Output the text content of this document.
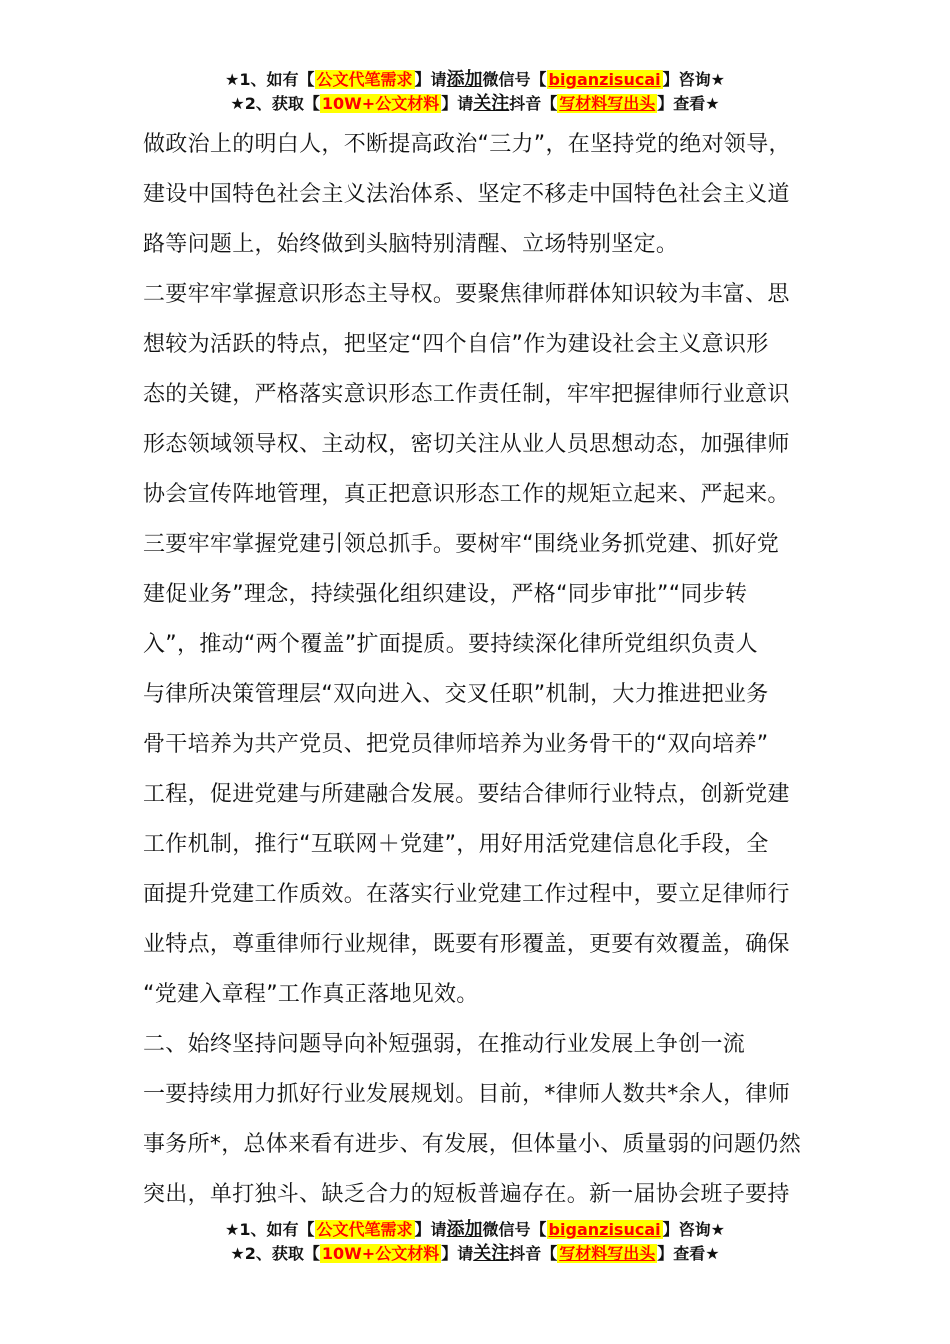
★1、如有【 公文代笔需求 】请添加微信号【 biganzisucai 】咨询★
★2、获取【 10W+公文材料 】请关注抖音【 写材料写出头 】查看★

做政治上的明白人，不断提高政治“三力”，在坚持党的绝对领导，

建设中国特色社会主义法治体系、坚定不移走中国特色社会主义道

路等问题上，始终做到头脑特别清醒、立场特别坚定。

二要牢牢掌握意识形态主导权。要聚焦律师群体知识较为丰富、思

想较为活跃的特点，把坚定“四个自信”作为建设社会主义意识形

态的关键，严格落实意识形态工作责任制，牢牢把握律师行业意识

形态领域领导权、主动权，密切关注从业人员思想动态，加强律师

协会宣传阵地管理，真正把意识形态工作的规矩立起来、严起来。

三要牢牢掌握党建引领总抓手。要树牢“围绕业务抓党建、抓好党

建促业务”理念，持续强化组织建设，严格“同步审批”“同步转

入”，推动“两个覆盖”扩面提质。要持续深化律所党组织负责人

与律所决策管理层“双向进入、交叉任职”机制，大力推进把业务

骨干培养为共产党员、把党员律师培养为业务骨干的“双向培养”

工程，促进党建与所建融合发展。要结合律师行业特点，创新党建

工作机制，推行“互联网＋党建”，用好用活党建信息化手段，全

面提升党建工作质效。在落实行业党建工作过程中，要立足律师行

业特点，尊重律师行业规律，既要有形覆盖，更要有效覆盖，确保

“党建入章程”工作真正落地见效。

二、始终坚持问题导向补短强弱，在推动行业发展上争创一流

一要持续用力抓好行业发展规划。目前，*律师人数共*余人，律师

事务所*，总体来看有进步、有发展，但体量小、质量弱的问题仍然

突出，单打独斗、缺乏合力的短板普遍存在。新一届协会班子要持

★1、如有【 公文代笔需求 】请添加微信号【 biganzisucai 】咨询★
★2、获取【 10W+公文材料 】请关注抖音【 写材料写出头 】查看★
